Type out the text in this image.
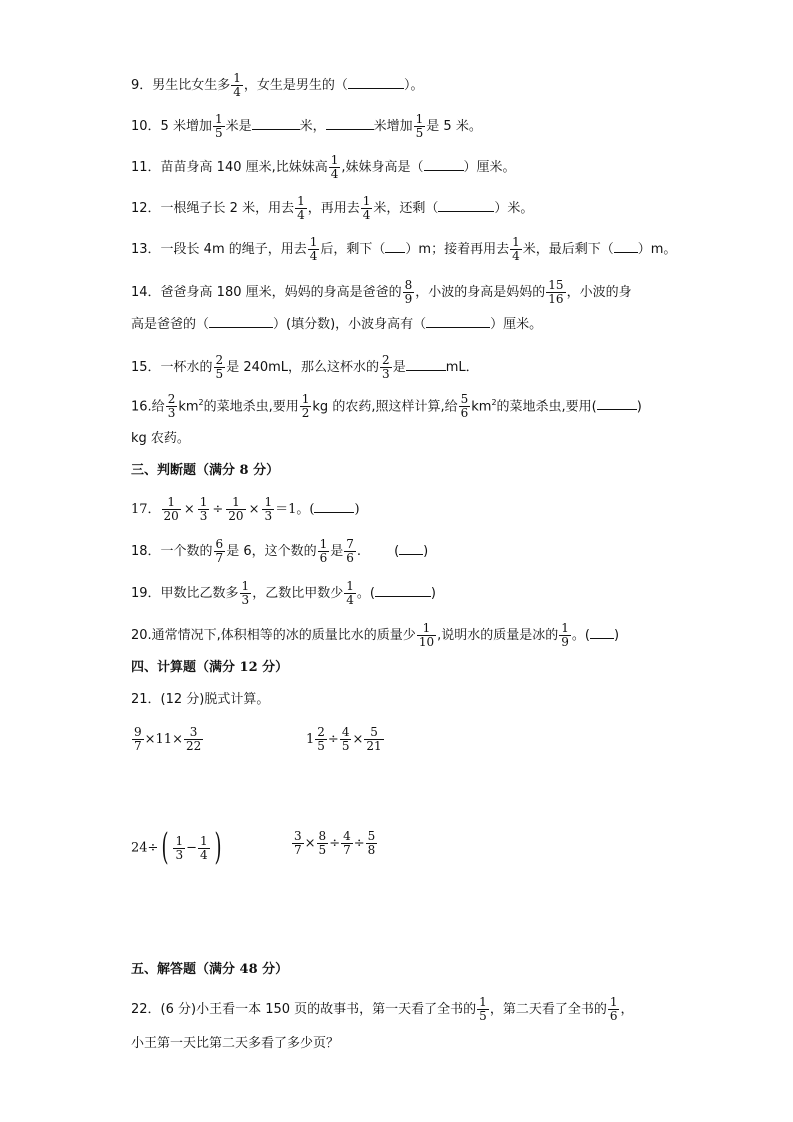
9．男生比女生多 $\frac{1}{4}$ ，女生是男生的（	）。
10．5 米增加 $\frac{1}{5}$ 米是	米，	米增加 $\frac{1}{5}$ 是 5 米。
11．苗苗身高 140 厘米,比妹妹高 $\frac{1}{4}$ ,妹妹身高是（	）厘米。
12．一根绳子长 2 米，用去 $\frac{1}{4}$ ，再用去 $\frac{1}{4}$ 米，还剩（	）米。
13．一段长 4m 的绳子，用去 $\frac{1}{4}$ 后，剩下（ ）m；接着再用去 $\frac{1}{4}$ 米，最后剩下（ ）m。
14．爸爸身高 180 厘米，妈妈的身高是爸爸的 $\frac{8}{9}$ ，小波的身高是妈妈的 $\frac{15}{16}$ ，小波的身
高是爸爸的（	）(填分数)，小波身高有（	）厘米。
15．一杯水的 $\frac{2}{5}$ 是 240mL，那么这杯水的 $\frac{2}{3}$ 是	mL．
16.给 $\frac{2}{3} km^2$的菜地杀虫,要用 $\frac{1}{2}$ kg 的农药,照这样计算,给 $\frac{5}{6} km^2$的菜地杀虫,要用(	)
kg 农药。
三、判断题（满分 8 分）
17． $\frac{1}{20} \times \frac{1}{3} \div \frac{1}{20} \times \frac{1}{3} =1$。(	)
18．一个数的 $\frac{6}{7}$ 是 6，这个数的 $\frac{1}{6}$ 是 $\frac{7}{6}$ .        ( )
19．甲数比乙数多 $\frac{1}{3}$ ，乙数比甲数少 $\frac{1}{4}$ 。(	)
20.通常情况下,体积相等的冰的质量比水的质量少 $\frac{1}{10}$ ,说明水的质量是冰的 $\frac{1}{9}$ 。( )
四、计算题（满分 12 分）
21．(12 分)脱式计算。
$\frac{9}{7} \times 11\times \frac{3}{22}$	$1 \frac{2}{5} \div \frac{4}{5} \times \frac{5}{21}$
$24\div( \frac{1}{3} - \frac{1}{4}$ )	$\frac{3}{7} \times \frac{8}{5} \div \frac{4}{7} \div \frac{5}{8}$
五、解答题（满分 48 分）
22．(6 分)小王看一本 150 页的故事书，第一天看了全书的 $\frac{1}{5}$ ，第二天看了全书的 $\frac{1}{6}$ ，
小王第一天比第二天多看了多少页？
